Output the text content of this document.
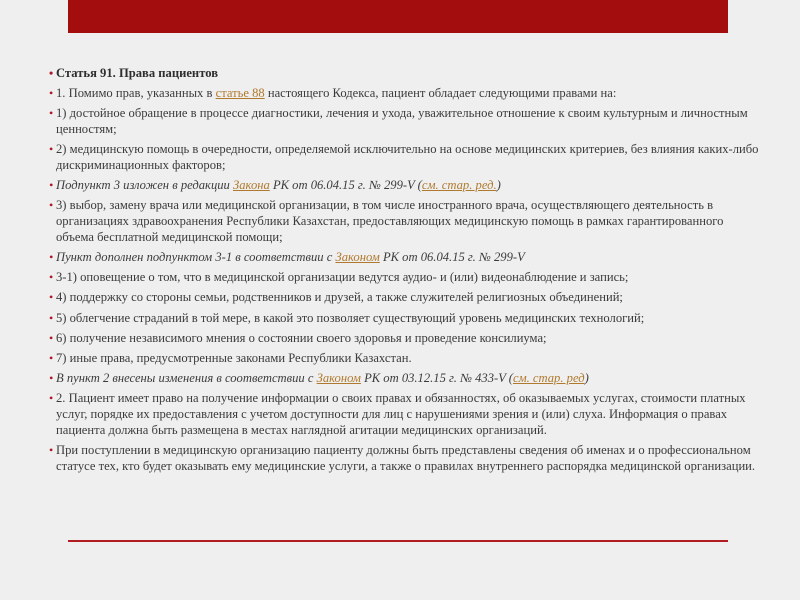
• Статья 91. Права пациентов
• 1. Помимо прав, указанных в статье 88 настоящего Кодекса, пациент обладает следующими правами на:
• 1) достойное обращение в процессе диагностики, лечения и ухода, уважительное отношение к своим культурным и личностным ценностям;
• 2) медицинскую помощь в очередности, определяемой исключительно на основе медицинских критериев, без влияния каких-либо дискриминационных факторов;
• Подпункт 3 изложен в редакции Закона РК от 06.04.15 г. № 299-V (см. стар. ред.)
• 3) выбор, замену врача или медицинской организации, в том числе иностранного врача, осуществляющего деятельность в организациях здравоохранения Республики Казахстан, предоставляющих медицинскую помощь в рамках гарантированного объема бесплатной медицинской помощи;
• Пункт дополнен подпунктом 3-1 в соответствии с Законом РК от 06.04.15 г. № 299-V
• 3-1) оповещение о том, что в медицинской организации ведутся аудио- и (или) видеонаблюдение и запись;
• 4) поддержку со стороны семьи, родственников и друзей, а также служителей религиозных объединений;
• 5) облегчение страданий в той мере, в какой это позволяет существующий уровень медицинских технологий;
• 6) получение независимого мнения о состоянии своего здоровья и проведение консилиума;
• 7) иные права, предусмотренные законами Республики Казахстан.
• В пункт 2 внесены изменения в соответствии с Законом РК от 03.12.15 г. № 433-V (см. стар. ред)
• 2. Пациент имеет право на получение информации о своих правах и обязанностях, об оказываемых услугах, стоимости платных услуг, порядке их предоставления с учетом доступности для лиц с нарушениями зрения и (или) слуха. Информация о правах пациента должна быть размещена в местах наглядной агитации медицинских организаций.
• При поступлении в медицинскую организацию пациенту должны быть представлены сведения об именах и о профессиональном статусе тех, кто будет оказывать ему медицинские услуги, а также о правилах внутреннего распорядка медицинской организации.
